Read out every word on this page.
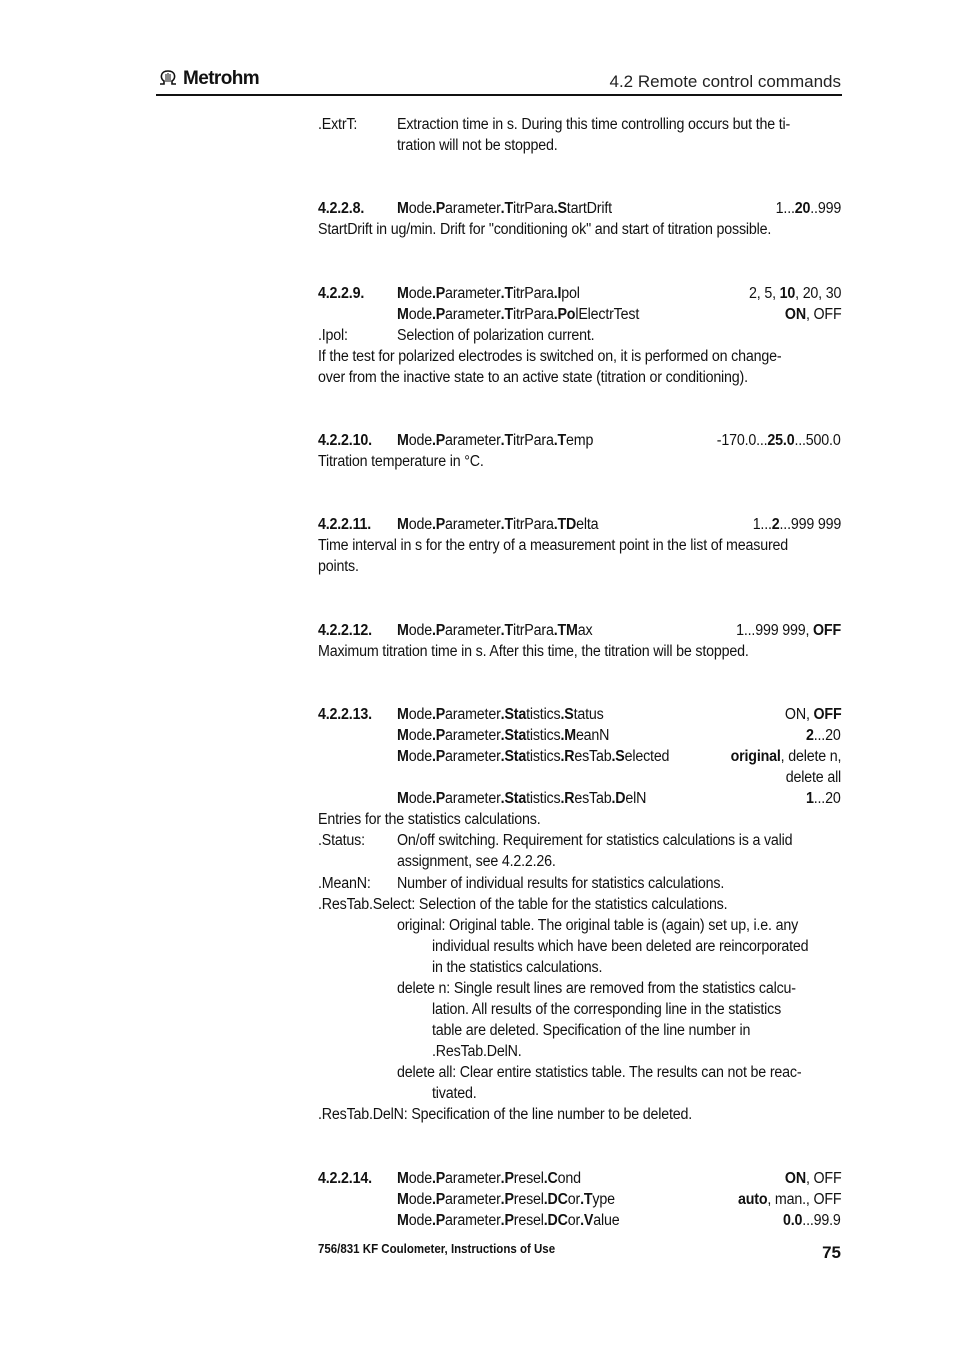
Metrohm	4.2 Remote control commands
.ExtrT:	Extraction time in s. During this time controlling occurs but the ti-
tration will not be stopped.
4.2.2.8. Mode.Parameter.TitrPara.StartDrift	1...20..999
StartDrift in ug/min. Drift for "conditioning ok" and start of titration possible.
4.2.2.9. Mode.Parameter.TitrPara.Ipol	2, 5, 10, 20, 30
Mode.Parameter.TitrPara.PolElectrTest	ON, OFF
.Ipol:	Selection of polarization current.
If the test for polarized electrodes is switched on, it is performed on change-
over from the inactive state to an active state (titration or conditioning).
4.2.2.10. Mode.Parameter.TitrPara.Temp	-170.0...25.0...500.0
Titration temperature in °C.
4.2.2.11. Mode.Parameter.TitrPara.TDelta	1...2...999 999
Time interval in s for the entry of a measurement point in the list of measured
points.
4.2.2.12. Mode.Parameter.TitrPara.TMax	1...999 999, OFF
Maximum titration time in s. After this time, the titration will be stopped.
4.2.2.13. Mode.Parameter.Statistics.Status	ON, OFF
Mode.Parameter.Statistics.MeanN	2...20
Mode.Parameter.Statistics.ResTab.Selected	original, delete n,
delete all
Mode.Parameter.Statistics.ResTab.DelN	1...20
Entries for the statistics calculations.
.Status: On/off switching. Requirement for statistics calculations is a valid
assignment, see 4.2.2.26.
.MeanN: Number of individual results for statistics calculations.
.ResTab.Select: Selection of the table for the statistics calculations.
original: Original table. The original table is (again) set up, i.e. any
individual results which have been deleted are reincorporated
in the statistics calculations.
delete n: Single result lines are removed from the statistics calcu-
lation. All results of the corresponding line in the statistics
table are deleted. Specification of the line number in
.ResTab.DelN.
delete all: Clear entire statistics table. The results can not be reac-
tivated.
.ResTab.DelN: Specification of the line number to be deleted.
4.2.2.14. Mode.Parameter.Presel.Cond	ON, OFF
Mode.Parameter.Presel.DCor.Type	auto, man., OFF
Mode.Parameter.Presel.DCor.Value	0.0...99.9
756/831 KF Coulometer, Instructions of Use	75
